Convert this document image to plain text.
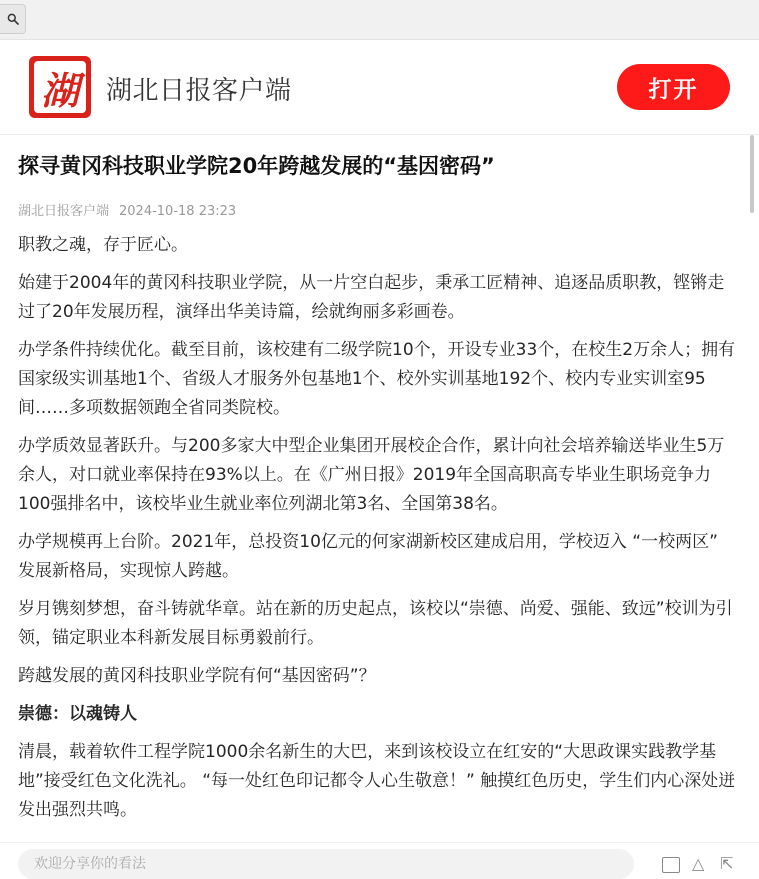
湖 湖北日报客户端	打开
探寻黄冈科技职业学院20年跨越发展的“基因密码”
湖北日报客户端 2024-10-18 23:23

职教之魂，存于匠心。

始建于2004年的黄冈科技职业学院，从一片空白起步，秉承工匠精神、追逐品质职教，铿锵走过了20年发展历程，演绎出华美诗篇，绘就绚丽多彩画卷。

办学条件持续优化。截至目前，该校建有二级学院10个，开设专业33个，在校生2万余人；拥有国家级实训基地1个、省级人才服务外包基地1个、校外实训基地192个、校内专业实训室95间……多项数据领跑全省同类院校。

办学质效显著跃升。与200多家大中型企业集团开展校企合作，累计向社会培养输送毕业生5万余人，对口就业率保持在93%以上。在《广州日报》2019年全国高职高专毕业生职场竞争力100强排名中，该校毕业生就业率位列湖北第3名、全国第38名。

办学规模再上台阶。2021年，总投资10亿元的何家湖新校区建成启用，学校迈入 “一校两区” 发展新格局，实现惊人跨越。

岁月镌刻梦想，奋斗铸就华章。站在新的历史起点，该校以“崇德、尚爱、强能、致远”校训为引领，锚定职业本科新发展目标勇毅前行。

跨越发展的黄冈科技职业学院有何“基因密码”？

崇德：以魂铸人

清晨，载着软件工程学院1000余名新生的大巴，来到该校设立在红安的“大思政课实践教学基地”接受红色文化洗礼。 “每一处红色印记都令人心生敬意！” 触摸红色历史，学生们内心深处迸发出强烈共鸣。

欢迎分享你的看法	△ ⇱
